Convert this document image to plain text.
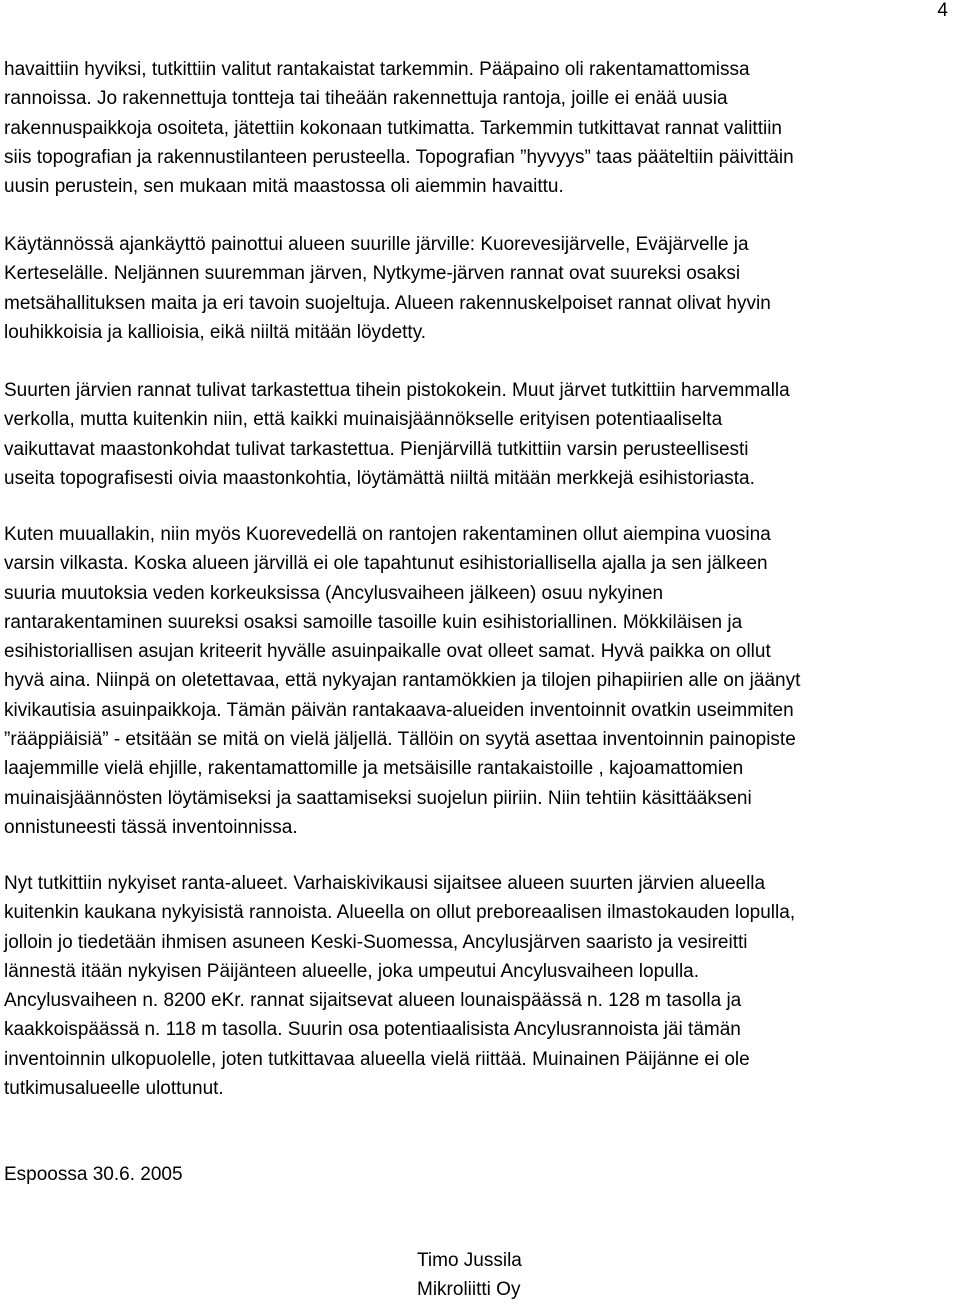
4

havaittiin hyviksi, tutkittiin valitut rantakaistat tarkemmin. Pääpaino oli rakentamattomissa
rannoissa. Jo rakennettuja tontteja tai tiheään rakennettuja rantoja, joille ei enää uusia
rakennuspaikkoja osoiteta, jätettiin kokonaan tutkimatta. Tarkemmin tutkittavat rannat valittiin
siis topografian ja rakennustilanteen perusteella. Topografian ”hyvyys” taas pääteltiin päivittäin
uusin perustein, sen mukaan mitä maastossa oli aiemmin havaittu.

Käytännössä ajankäyttö painottui alueen suurille järville: Kuorevesijärvelle, Eväjärvelle ja
Kerteselälle. Neljännen suuremman järven, Nytkyme-järven rannat ovat suureksi osaksi
metsähallituksen maita ja eri tavoin suojeltuja. Alueen rakennuskelpoiset rannat olivat hyvin
louhikkoisia ja kallioisia, eikä niiltä mitään löydetty.

Suurten järvien rannat tulivat tarkastettua tihein pistokokein. Muut järvet tutkittiin harvemmalla
verkolla, mutta kuitenkin niin, että kaikki muinaisjäännökselle erityisen potentiaaliselta
vaikuttavat maastonkohdat tulivat tarkastettua. Pienjärvillä tutkittiin varsin perusteellisesti
useita topografisesti oivia maastonkohtia, löytämättä niiltä mitään merkkejä esihistoriasta.

Kuten muuallakin, niin myös Kuorevedellä on rantojen rakentaminen ollut aiempina vuosina
varsin vilkasta. Koska alueen järvillä ei ole tapahtunut esihistoriallisella ajalla ja sen jälkeen
suuria muutoksia veden korkeuksissa (Ancylusvaiheen jälkeen) osuu nykyinen
rantarakentaminen suureksi osaksi samoille tasoille kuin esihistoriallinen. Mökkiläisen ja
esihistoriallisen asujan kriteerit hyvälle asuinpaikalle ovat olleet samat. Hyvä paikka on ollut
hyvä aina. Niinpä on oletettavaa, että nykyajan rantamökkien ja tilojen pihapiirien alle on jäänyt
kivikautisia asuinpaikkoja. Tämän päivän rantakaava-alueiden inventoinnit ovatkin useimmiten
”rääppiäisiä” - etsitään se mitä on vielä jäljellä. Tällöin on syytä asettaa inventoinnin painopiste
laajemmille vielä ehjille, rakentamattomille ja metsäisille rantakaistoille , kajoamattomien
muinaisjäännösten löytämiseksi ja saattamiseksi suojelun piiriin. Niin tehtiin käsittääkseni
onnistuneesti tässä inventoinnissa.

Nyt tutkittiin nykyiset ranta-alueet. Varhaiskivikausi sijaitsee alueen suurten järvien alueella
kuitenkin kaukana nykyisistä rannoista. Alueella on ollut preboreaalisen ilmastokauden lopulla,
jolloin jo tiedetään ihmisen asuneen Keski-Suomessa, Ancylusjärven saaristo ja vesireitti
lännestä itään nykyisen Päijänteen alueelle, joka umpeutui Ancylusvaiheen lopulla.
Ancylusvaiheen n. 8200 eKr. rannat sijaitsevat alueen lounaispäässä n. 128 m tasolla ja
kaakkoispäässä n. 118 m tasolla. Suurin osa potentiaalisista Ancylusrannoista jäi tämän
inventoinnin ulkopuolelle, joten tutkittavaa alueella vielä riittää. Muinainen Päijänne ei ole
tutkimusalueelle ulottunut.

Espoossa 30.6. 2005

Timo Jussila
Mikroliitti Oy
